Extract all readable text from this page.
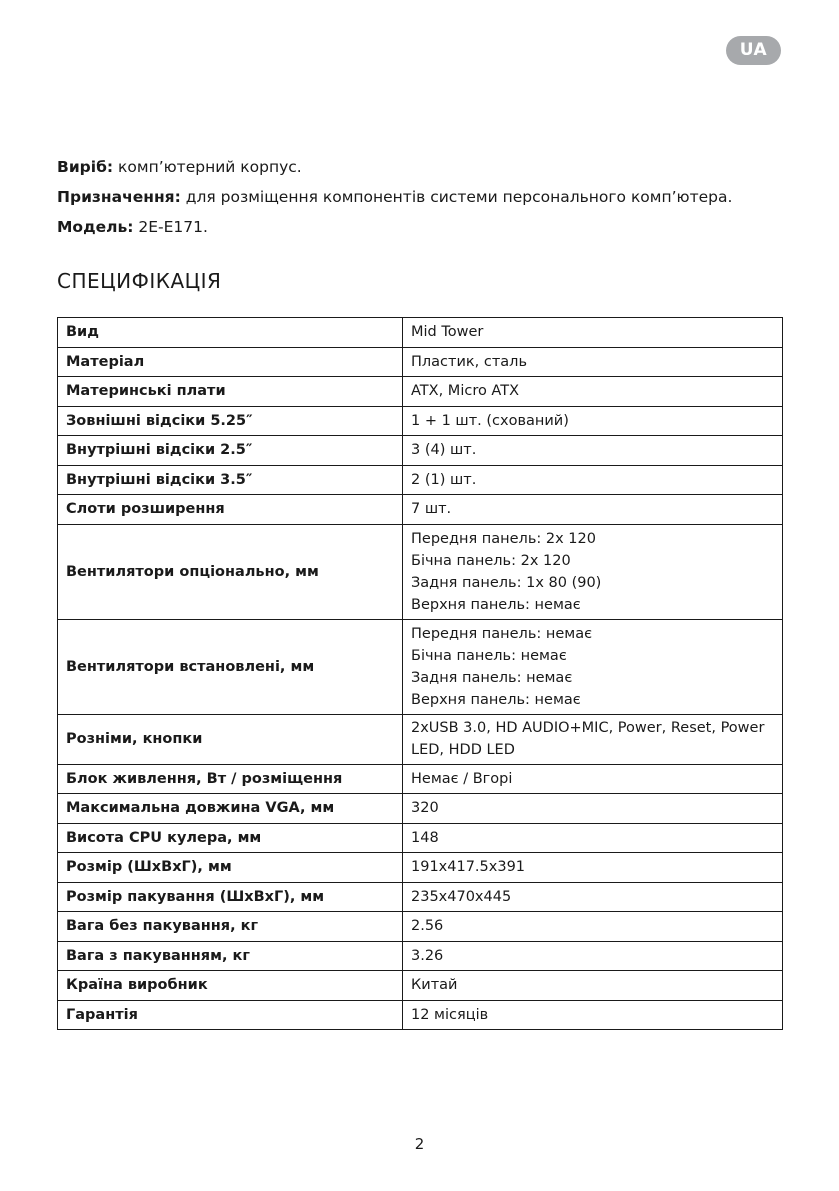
UA

Виріб: комп’ютерний корпус.

Призначення: для розміщення компонентів системи персонального комп’ютера.

Модель: 2E-E171.

СПЕЦИФІКАЦІЯ
Вид	Mid Tower

Матеріал	Пластик, сталь

Материнські плати	ATX, Micro ATX

Зовнішні відсіки 5.25″	1 + 1 шт. (схований)

Внутрішні відсіки 2.5″	3 (4) шт.

Внутрішні відсіки 3.5″	2 (1) шт.

Слоти розширення	7 шт.

Вентилятори опціонально, мм	Передня панель: 2x 120
Бічна панель: 2x 120
Задня панель: 1x 80 (90)
Верхня панель: немає

Вентилятори встановлені, мм	Передня панель: немає
Бічна панель: немає
Задня панель: немає
Верхня панель: немає

Розніми, кнопки	2xUSB 3.0, HD AUDIO+MIC, Power, Reset, Power
LED, HDD LED

Блок живлення, Вт / розміщення	Немає / Вгорі

Максимальна довжина VGA, мм	320

Висота CPU кулера, мм	148

Розмір (ШхВхГ), мм	191x417.5x391

Розмір пакування (ШхВхГ), мм	235x470x445

Вага без пакування, кг	2.56

Вага з пакуванням, кг	3.26

Країна виробник	Китай

Гарантія	12 місяців
2
